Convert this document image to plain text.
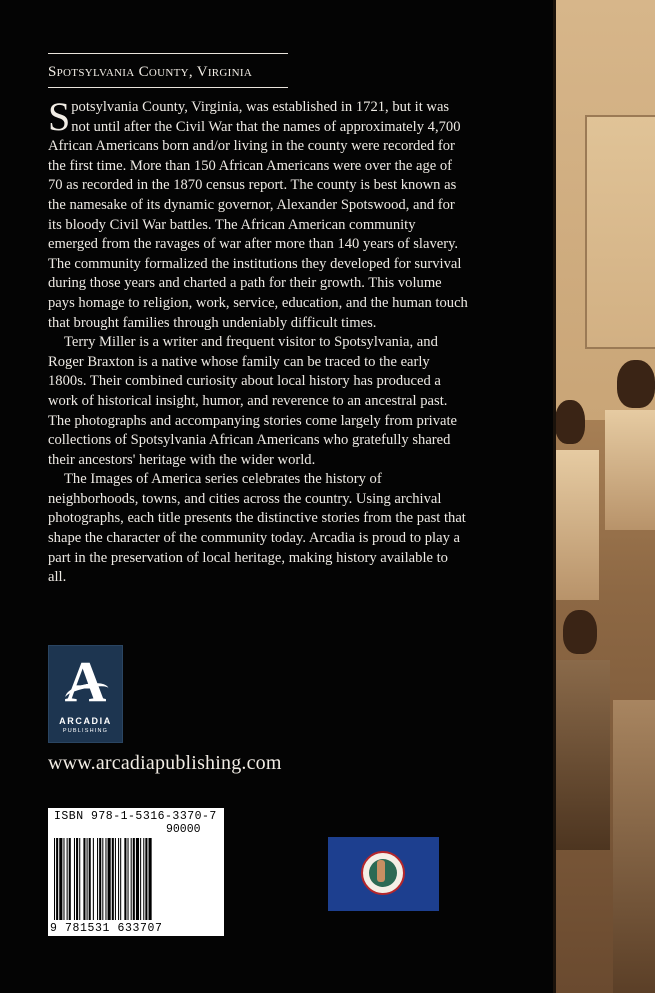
Spotsylvania County, Virginia

Spotsylvania County, Virginia, was established in 1721, but it was not until after the Civil War that the names of approximately 4,700 African Americans born and/or living in the county were recorded for the first time. More than 150 African Americans were over the age of 70 as recorded in the 1870 census report. The county is best known as the namesake of its dynamic governor, Alexander Spotswood, and for its bloody Civil War battles. The African American community emerged from the ravages of war after more than 140 years of slavery. The community formalized the institutions they developed for survival during those years and charted a path for their growth. This volume pays homage to religion, work, service, education, and the human touch that brought families through undeniably difficult times.

Terry Miller is a writer and frequent visitor to Spotsylvania, and Roger Braxton is a native whose family can be traced to the early 1800s. Their combined curiosity about local history has produced a work of historical insight, humor, and reverence to an ancestral past. The photographs and accompanying stories come largely from private collections of Spotsylvania African Americans who gratefully shared their ancestors' heritage with the wider world.

The Images of America series celebrates the history of neighborhoods, towns, and cities across the country. Using archival photographs, each title presents the distinctive stories from the past that shape the character of the community today. Arcadia is proud to play a part in the preservation of local heritage, making history available to all.

A
ARCADIA
PUBLISHING
www.arcadiapublishing.com
ISBN 978-1-5316-3370-7
90000
9 781531 633707
